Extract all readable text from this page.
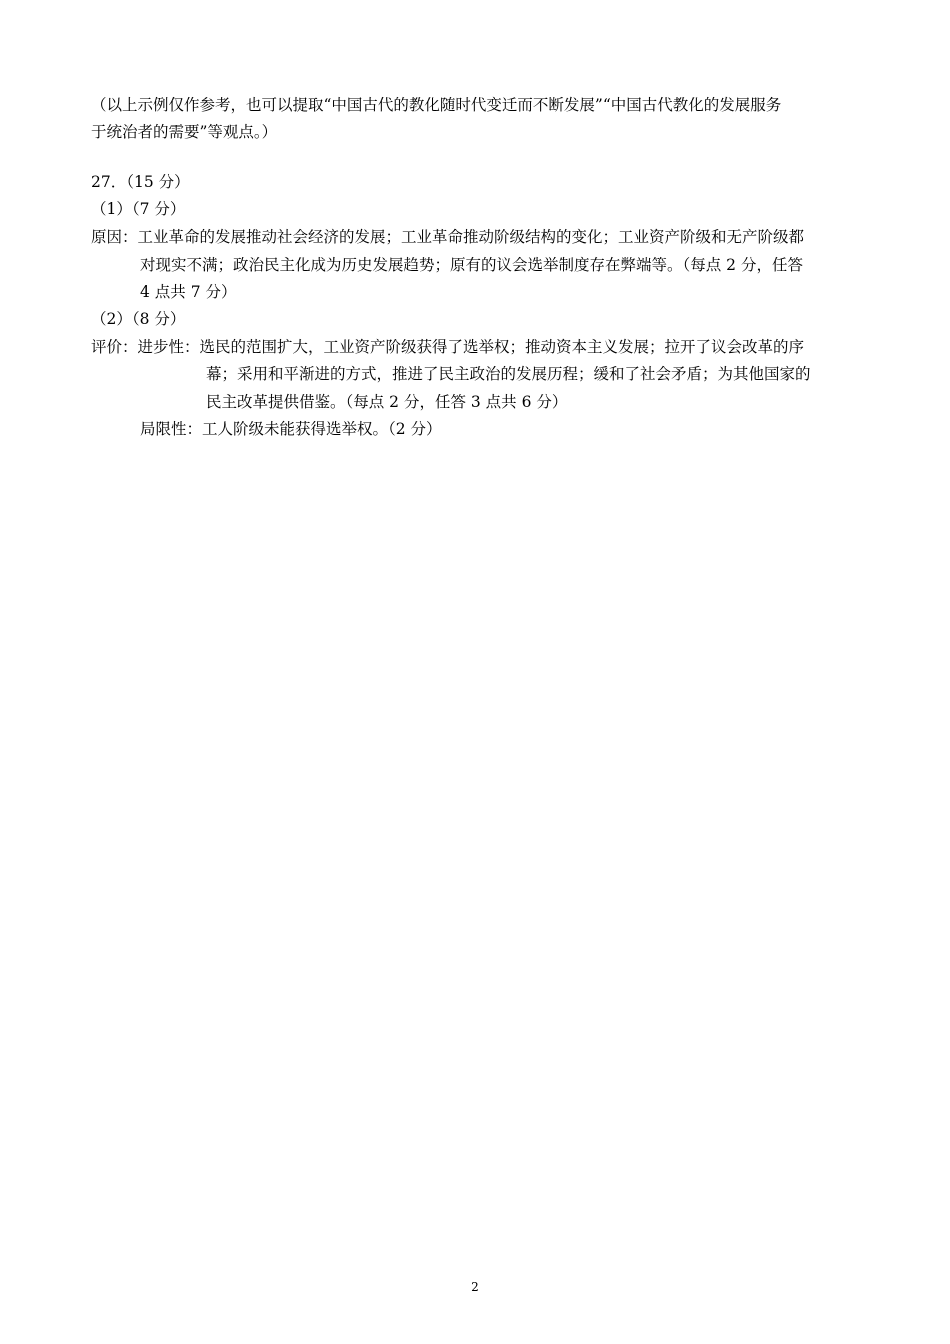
（以上示例仅作参考，也可以提取“中国古代的教化随时代变迁而不断发展”“中国古代教化的发展服务
于统治者的需要”等观点。）
27．（15 分）
（1）（7 分）
原因：工业革命的发展推动社会经济的发展；工业革命推动阶级结构的变化；工业资产阶级和无产阶级都
对现实不满；政治民主化成为历史发展趋势；原有的议会选举制度存在弊端等。（每点 2 分，任答
4 点共 7 分）
（2）（8 分）
评价：进步性：选民的范围扩大，工业资产阶级获得了选举权；推动资本主义发展；拉开了议会改革的序
幕；采用和平渐进的方式，推进了民主政治的发展历程；缓和了社会矛盾；为其他国家的
民主改革提供借鉴。（每点 2 分，任答 3 点共 6 分）
局限性：工人阶级未能获得选举权。（2 分）
2
